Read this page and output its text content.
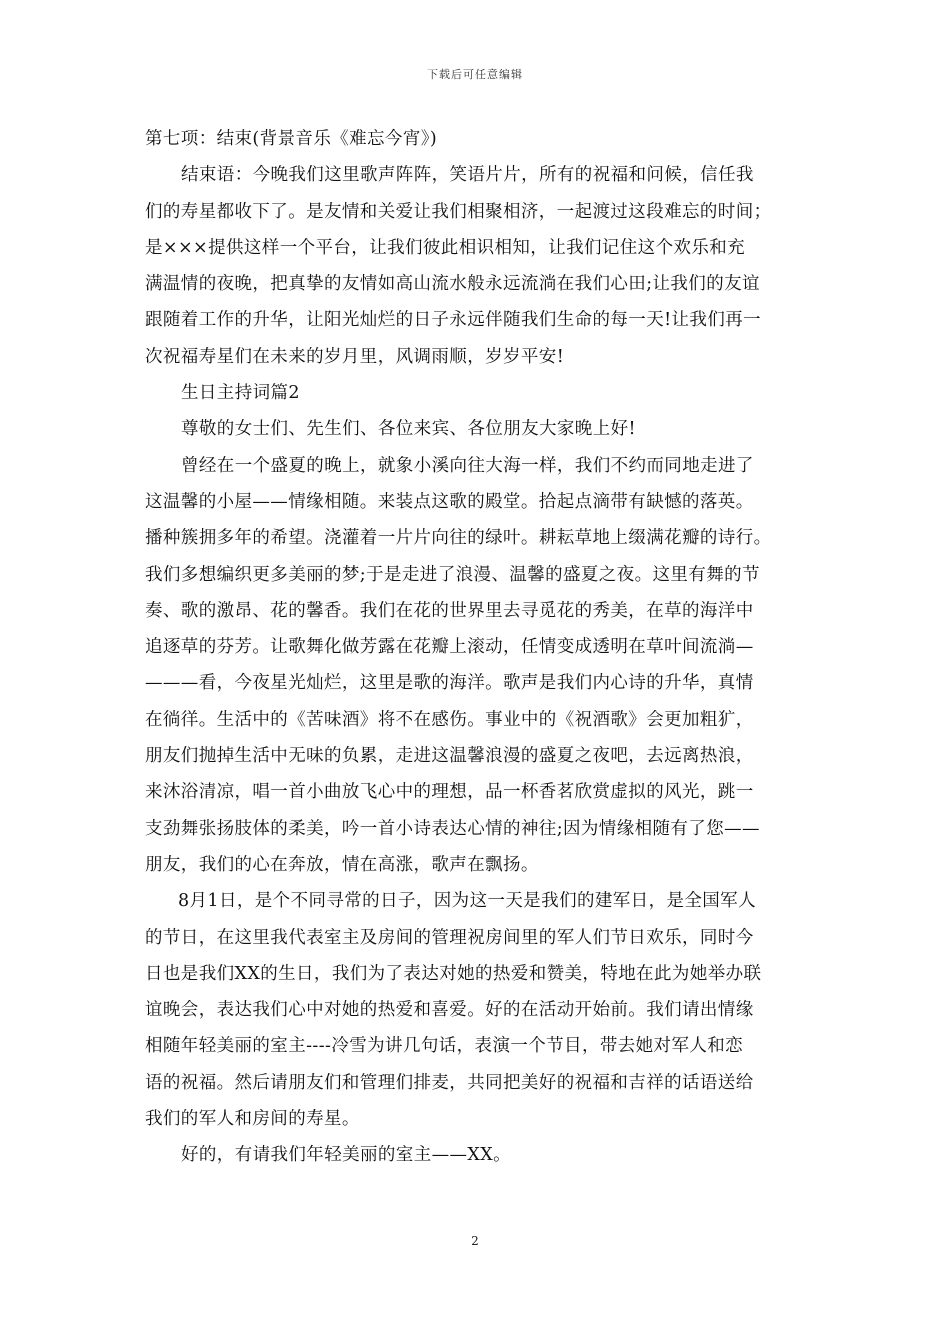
下载后可任意编辑
第七项：结束(背景音乐《难忘今宵》)
结束语：今晚我们这里歌声阵阵，笑语片片，所有的祝福和问候，信任我
们的寿星都收下了。是友情和关爱让我们相聚相济，一起渡过这段难忘的时间；
是×××提供这样一个平台，让我们彼此相识相知，让我们记住这个欢乐和充
满温情的夜晚，把真挚的友情如高山流水般永远流淌在我们心田;让我们的友谊
跟随着工作的升华，让阳光灿烂的日子永远伴随我们生命的每一天!让我们再一
次祝福寿星们在未来的岁月里，风调雨顺，岁岁平安!
生日主持词篇2
尊敬的女士们、先生们、各位来宾、各位朋友大家晚上好!
曾经在一个盛夏的晚上，就象小溪向往大海一样，我们不约而同地走进了
这温馨的小屋——情缘相随。来装点这歌的殿堂。拾起点滴带有缺憾的落英。
播种簇拥多年的希望。浇灌着一片片向往的绿叶。耕耘草地上缀满花瓣的诗行。
我们多想编织更多美丽的梦;于是走进了浪漫、温馨的盛夏之夜。这里有舞的节
奏、歌的激昂、花的馨香。我们在花的世界里去寻觅花的秀美，在草的海洋中
追逐草的芬芳。让歌舞化做芳露在花瓣上滚动，任情变成透明在草叶间流淌—
———看，今夜星光灿烂，这里是歌的海洋。歌声是我们内心诗的升华，真情
在徜徉。生活中的《苦味酒》将不在感伤。事业中的《祝酒歌》会更加粗犷，
朋友们抛掉生活中无味的负累，走进这温馨浪漫的盛夏之夜吧，去远离热浪，
来沐浴清凉，唱一首小曲放飞心中的理想，品一杯香茗欣赏虚拟的风光，跳一
支劲舞张扬肢体的柔美，吟一首小诗表达心情的神往;因为情缘相随有了您——
朋友，我们的心在奔放，情在高涨，歌声在飘扬。
8月1日，是个不同寻常的日子，因为这一天是我们的建军日，是全国军人
的节日，在这里我代表室主及房间的管理祝房间里的军人们节日欢乐，同时今
日也是我们XX的生日，我们为了表达对她的热爱和赞美，特地在此为她举办联
谊晚会，表达我们心中对她的热爱和喜爱。好的在活动开始前。我们请出情缘
相随年轻美丽的室主----冷雪为讲几句话，表演一个节目，带去她对军人和恋
语的祝福。然后请朋友们和管理们排麦，共同把美好的祝福和吉祥的话语送给
我们的军人和房间的寿星。
好的，有请我们年轻美丽的室主——XX。
2
